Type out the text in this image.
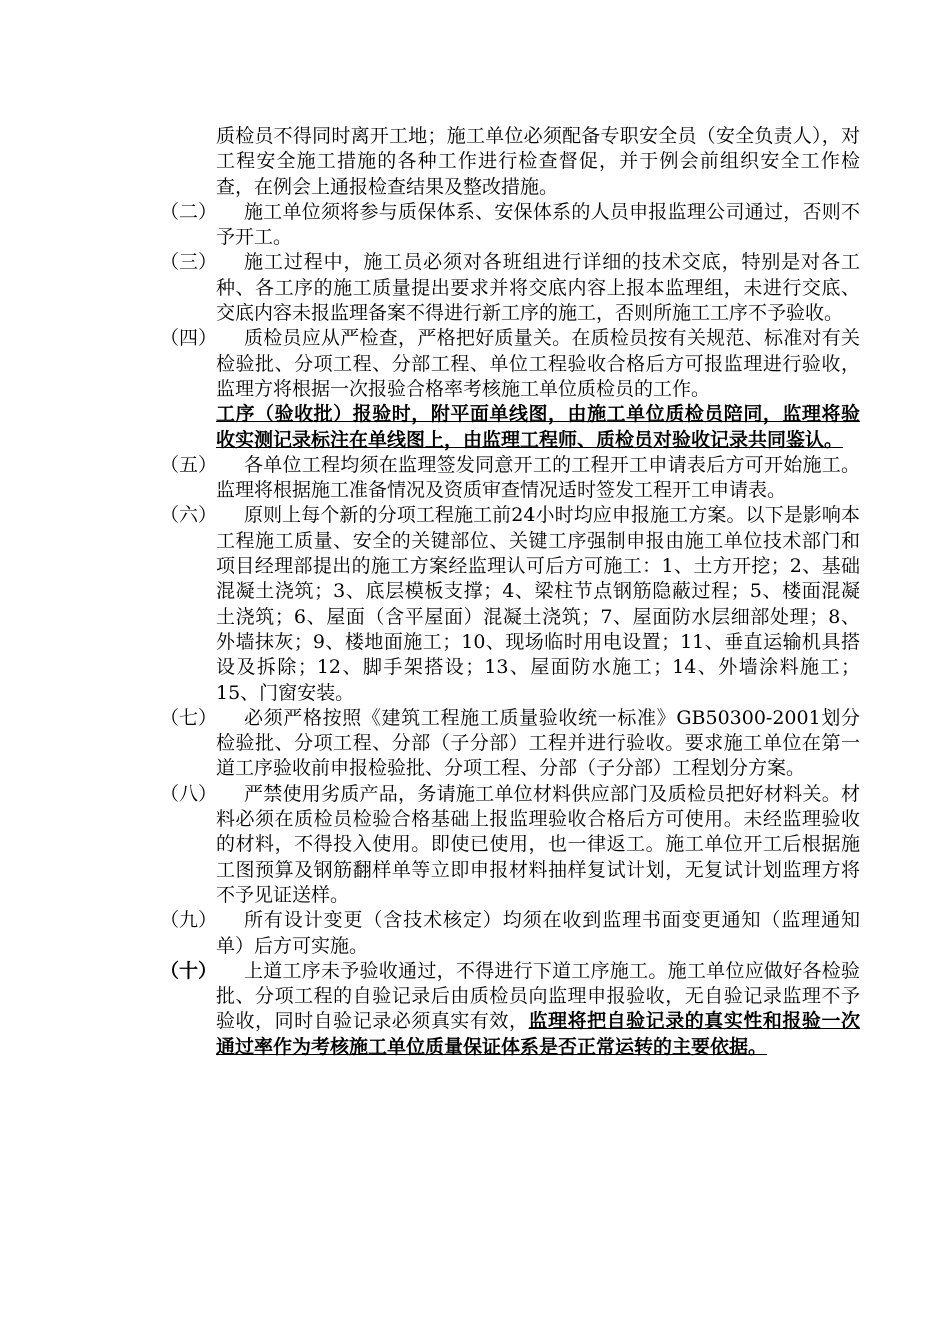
质检员不得同时离开工地；施工单位必须配备专职安全员（安全负责人），对工程安全施工措施的各种工作进行检查督促，并于例会前组织安全工作检查，在例会上通报检查结果及整改措施。
（二）	施工单位须将参与质保体系、安保体系的人员申报监理公司通过，否则不予开工。
（三）	施工过程中，施工员必须对各班组进行详细的技术交底，特别是对各工种、各工序的施工质量提出要求并将交底内容上报本监理组，未进行交底、交底内容未报监理备案不得进行新工序的施工，否则所施工工序不予验收。
（四）	质检员应从严检查，严格把好质量关。在质检员按有关规范、标准对有关检验批、分项工程、分部工程、单位工程验收合格后方可报监理进行验收，监理方将根据一次报验合格率考核施工单位质检员的工作。
工序（验收批）报验时，附平面单线图，由施工单位质检员陪同，监理将验收实测记录标注在单线图上，由监理工程师、质检员对验收记录共同鉴认。
（五）	各单位工程均须在监理签发同意开工的工程开工申请表后方可开始施工。监理将根据施工准备情况及资质审查情况适时签发工程开工申请表。
（六）	原则上每个新的分项工程施工前24小时均应申报施工方案。以下是影响本工程施工质量、安全的关键部位、关键工序强制申报由施工单位技术部门和项目经理部提出的施工方案经监理认可后方可施工：1、土方开挖；2、基础混凝土浇筑；3、底层模板支撑；4、梁柱节点钢筋隐蔽过程；5、楼面混凝土浇筑；6、屋面（含平屋面）混凝土浇筑；7、屋面防水层细部处理；8、外墙抹灰；9、楼地面施工；10、现场临时用电设置；11、垂直运输机具搭设及拆除；12、脚手架搭设；13、屋面防水施工；14、外墙涂料施工；15、门窗安装。
（七）	必须严格按照《建筑工程施工质量验收统一标准》GB50300-2001划分检验批、分项工程、分部（子分部）工程并进行验收。要求施工单位在第一道工序验收前申报检验批、分项工程、分部（子分部）工程划分方案。
（八）	严禁使用劣质产品，务请施工单位材料供应部门及质检员把好材料关。材料必须在质检员检验合格基础上报监理验收合格后方可使用。未经监理验收的材料，不得投入使用。即使已使用，也一律返工。施工单位开工后根据施工图预算及钢筋翻样单等立即申报材料抽样复试计划，无复试计划监理方将不予见证送样。
（九）	所有设计变更（含技术核定）均须在收到监理书面变更通知（监理通知单）后方可实施。
（十）	上道工序未予验收通过，不得进行下道工序施工。施工单位应做好各检验批、分项工程的自验记录后由质检员向监理申报验收，无自验记录监理不予验收，同时自验记录必须真实有效，监理将把自验记录的真实性和报验一次通过率作为考核施工单位质量保证体系是否正常运转的主要依据。
